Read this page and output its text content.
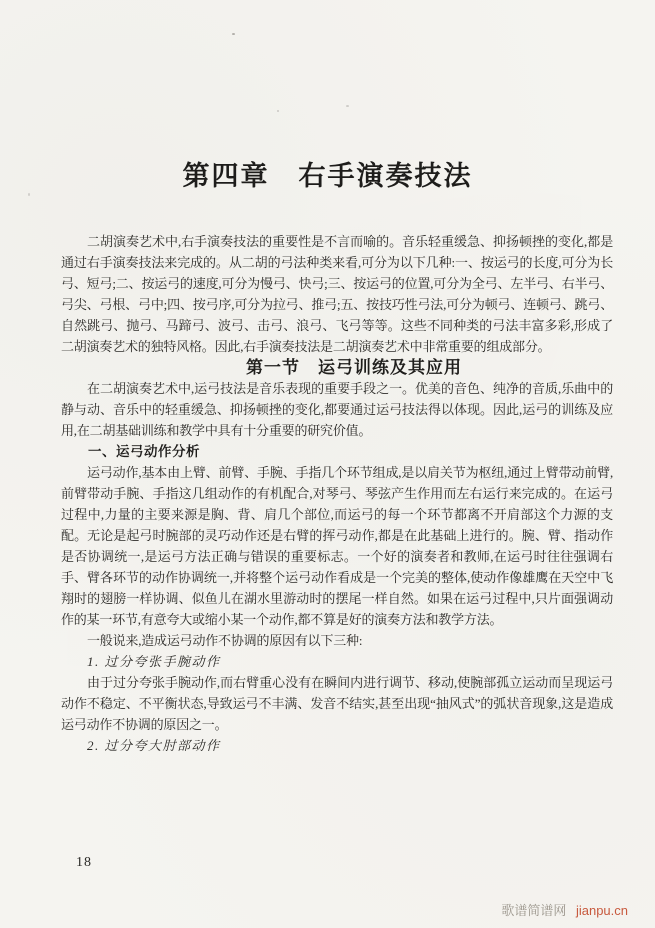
第四章　右手演奏技法

二胡演奏艺术中,右手演奏技法的重要性是不言而喻的。音乐轻重缓急、抑扬顿挫的变化,都是通过右手演奏技法来完成的。从二胡的弓法种类来看,可分为以下几种:一、按运弓的长度,可分为长弓、短弓;二、按运弓的速度,可分为慢弓、快弓;三、按运弓的位置,可分为全弓、左半弓、右半弓、弓尖、弓根、弓中;四、按弓序,可分为拉弓、推弓;五、按技巧性弓法,可分为顿弓、连顿弓、跳弓、自然跳弓、抛弓、马蹄弓、波弓、击弓、浪弓、飞弓等等。这些不同种类的弓法丰富多彩,形成了二胡演奏艺术的独特风格。因此,右手演奏技法是二胡演奏艺术中非常重要的组成部分。

第一节　运弓训练及其应用

在二胡演奏艺术中,运弓技法是音乐表现的重要手段之一。优美的音色、纯净的音质,乐曲中的静与动、音乐中的轻重缓急、抑扬顿挫的变化,都要通过运弓技法得以体现。因此,运弓的训练及应用,在二胡基础训练和教学中具有十分重要的研究价值。

一、运弓动作分析

运弓动作,基本由上臂、前臂、手腕、手指几个环节组成,是以肩关节为枢纽,通过上臂带动前臂,前臂带动手腕、手指这几组动作的有机配合,对琴弓、琴弦产生作用而左右运行来完成的。在运弓过程中,力量的主要来源是胸、背、肩几个部位,而运弓的每一个环节都离不开肩部这个力源的支配。无论是起弓时腕部的灵巧动作还是右臂的挥弓动作,都是在此基础上进行的。腕、臂、指动作是否协调统一,是运弓方法正确与错误的重要标志。一个好的演奏者和教师,在运弓时往往强调右手、臂各环节的动作协调统一,并将整个运弓动作看成是一个完美的整体,使动作像雄鹰在天空中飞翔时的翅膀一样协调、似鱼儿在湖水里游动时的摆尾一样自然。如果在运弓过程中,只片面强调动作的某一环节,有意夸大或缩小某一个动作,都不算是好的演奏方法和教学方法。

一般说来,造成运弓动作不协调的原因有以下三种:

1. 过分夸张手腕动作

由于过分夸张手腕动作,而右臂重心没有在瞬间内进行调节、移动,使腕部孤立运动而呈现运弓动作不稳定、不平衡状态,导致运弓不丰满、发音不结实,甚至出现“抽风式”的弧状音现象,这是造成运弓动作不协调的原因之一。

2. 过分夸大肘部动作

18
歌谱简谱网 jianpu.cn
